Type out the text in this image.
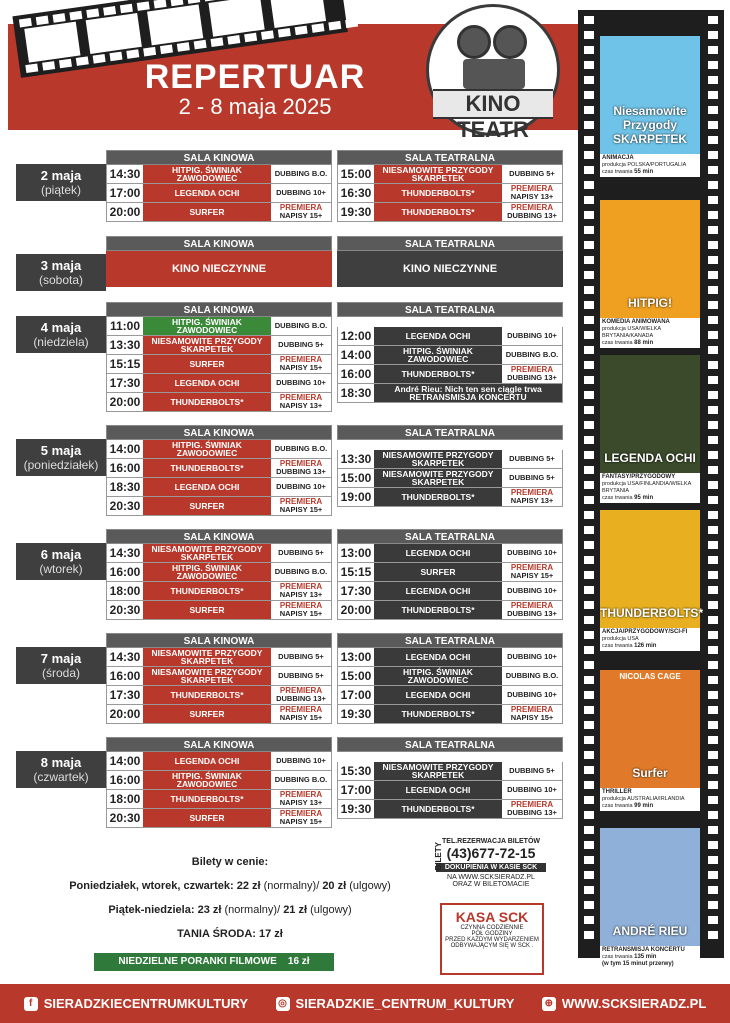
REPERTUAR
2 - 8 maja 2025	KINO TEATR
2 maja
(piątek)
SALA KINOWA
14:30	HITPIG. ŚWINIAK ZAWODOWIEC	DUBBING B.O.
17:00	LEGENDA OCHI	DUBBING 10+
20:00	SURFER	PREMIERA
NAPISY 15+
SALA TEATRALNA
15:00	NIESAMOWITE PRZYGODY SKARPETEK	DUBBING 5+
16:30	THUNDERBOLTS*	PREMIERA
NAPISY 13+
19:30	THUNDERBOLTS*	PREMIERA
DUBBING 13+
3 maja
(sobota)
SALA KINOWA
KINO NIECZYNNE
SALA TEATRALNA
KINO NIECZYNNE
4 maja
(niedziela)
SALA KINOWA
11:00	HITPIG. ŚWINIAK ZAWODOWIEC	DUBBING B.O.
13:30	NIESAMOWITE PRZYGODY SKARPETEK	DUBBING 5+
15:15	SURFER	PREMIERA
NAPISY 15+
17:30	LEGENDA OCHI	DUBBING 10+
20:00	THUNDERBOLTS*	PREMIERA
NAPISY 13+
SALA TEATRALNA
12:00	LEGENDA OCHI	DUBBING 10+
14:00	HITPIG. ŚWINIAK ZAWODOWIEC	DUBBING B.O.
16:00	THUNDERBOLTS*	PREMIERA
DUBBING 13+
18:30	André Rieu: Nich ten sen ciągle trwa RETRANSMISJA KONCERTU
5 maja
(poniedziałek)
SALA KINOWA
14:00	HITPIG. ŚWINIAK ZAWODOWIEC	DUBBING B.O.
16:00	THUNDERBOLTS*	PREMIERA
DUBBING 13+
18:30	LEGENDA OCHI	DUBBING 10+
20:30	SURFER	PREMIERA
NAPISY 15+
SALA TEATRALNA
13:30	NIESAMOWITE PRZYGODY SKARPETEK	DUBBING 5+
15:00	NIESAMOWITE PRZYGODY SKARPETEK	DUBBING 5+
19:00	THUNDERBOLTS*	PREMIERA
NAPISY 13+
6 maja
(wtorek)
SALA KINOWA
14:30	NIESAMOWITE PRZYGODY SKARPETEK	DUBBING 5+
16:00	HITPIG. ŚWINIAK ZAWODOWIEC	DUBBING B.O.
18:00	THUNDERBOLTS*	PREMIERA
NAPISY 13+
20:30	SURFER	PREMIERA
NAPISY 15+
SALA TEATRALNA
13:00	LEGENDA OCHI	DUBBING 10+
15:15	SURFER	PREMIERA
NAPISY 15+
17:30	LEGENDA OCHI	DUBBING 10+
20:00	THUNDERBOLTS*	PREMIERA
DUBBING 13+
7 maja
(środa)
SALA KINOWA
14:30	NIESAMOWITE PRZYGODY SKARPETEK	DUBBING 5+
16:00	NIESAMOWITE PRZYGODY SKARPETEK	DUBBING 5+
17:30	THUNDERBOLTS*	PREMIERA
DUBBING 13+
20:00	SURFER	PREMIERA
NAPISY 15+
SALA TEATRALNA
13:00	LEGENDA OCHI	DUBBING 10+
15:00	HITPIG. ŚWINIAK ZAWODOWIEC	DUBBING B.O.
17:00	LEGENDA OCHI	DUBBING 10+
19:30	THUNDERBOLTS*	PREMIERA
NAPISY 15+
8 maja
(czwartek)
SALA KINOWA
14:00	LEGENDA OCHI	DUBBING 10+
16:00	HITPIG. ŚWINIAK ZAWODOWIEC	DUBBING B.O.
18:00	THUNDERBOLTS*	PREMIERA
NAPISY 13+
20:30	SURFER	PREMIERA
NAPISY 15+
SALA TEATRALNA
15:30	NIESAMOWITE PRZYGODY SKARPETEK	DUBBING 5+
17:00	LEGENDA OCHI	DUBBING 10+
19:30	THUNDERBOLTS*	PREMIERA
DUBBING 13+
Niesamowite Przygody SKARPETEK
ANIMACJA
produkcja POLSKA/PORTUGALIA
czas trwania 55 min
HITPIG!
KOMEDIA ANIMOWANA
produkcja USA/WIELKA BRYTANIA/KANADA
czas trwania 88 min
LEGENDA OCHI
FANTASY/PRZYGODOWY
produkcja USA/FINLANDIA/WIELKA BRYTANIA
czas trwania 95 min
THUNDERBOLTS*
AKCJA/PRZYGODOWY/SCI-FI
produkcja USA
czas trwania 126 min
NICOLAS CAGE
Surfer
THRILLER
produkcja AUSTRALIA/IRLANDIA
czas trwania 99 min
ANDRÉ RIEU
RETRANSMISJA KONCERTU
czas trwania 135 min
(w tym 15 minut przerwy)

Bilety w cenie:

Poniedziałek, wtorek, czwartek: 22 zł (normalny)/ 20 zł (ulgowy)

Piątek-niedziela: 23 zł (normalny)/ 21 zł (ulgowy)

TANIA ŚRODA: 17 zł

NIEDZIELNE PORANKI FILMOWE 16 zł
BILETY
TEL.REZERWACJA BILETÓW
(43)677-72-15
DOKUPIENIA W KASIE SCK
NA WWW.SCKSIERADZ.PL
ORAZ W BILETOMACIE
KASA SCK
CZYNNA CODZIENNIE
PÓŁ GODZINY
PRZED KAŻDYM WYDARZENIEM
ODBYWAJĄCYM SIĘ W SCK .
f SIERADZKIECENTRUMKULTURY	◎ SIERADZKIE_CENTRUM_KULTURY	⊕ WWW.SCKSIERADZ.PL
